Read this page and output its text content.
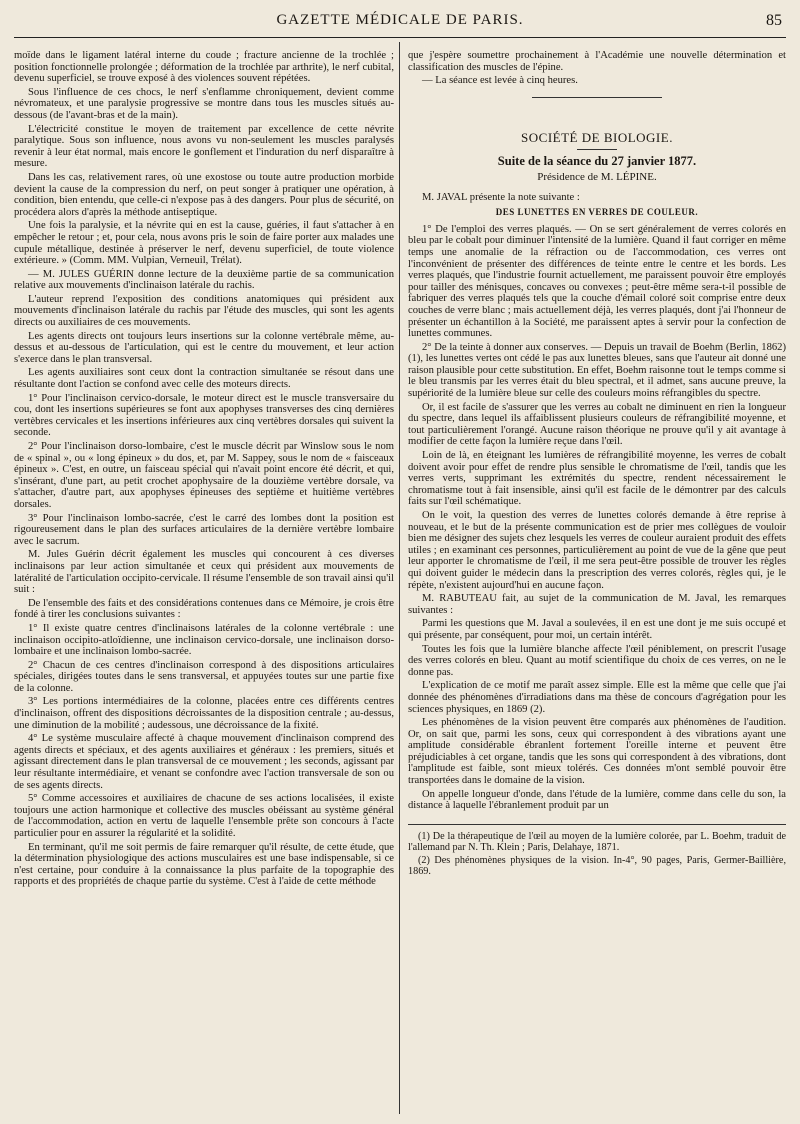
GAZETTE MÉDICALE DE PARIS.	85

moïde dans le ligament latéral interne du coude ; fracture ancienne de la trochlée ; position fonctionnelle prolongée ; déformation de la trochlée par arthrite), le nerf cubital, devenu superficiel, se trouve exposé à des violences souvent répétées.

Sous l'influence de ces chocs, le nerf s'enflamme chroniquement, devient comme névromateux, et une paralysie progressive se montre dans tous les muscles situés au-dessous (de l'avant-bras et de la main).

L'électricité constitue le moyen de traitement par excellence de cette névrite paralytique. Sous son influence, nous avons vu non-seulement les muscles paralysés revenir à leur état normal, mais encore le gonflement et l'induration du nerf disparaître à mesure.

Dans les cas, relativement rares, où une exostose ou toute autre production morbide devient la cause de la compression du nerf, on peut songer à pratiquer une opération, à condition, bien entendu, que celle-ci n'expose pas à des dangers. Pour plus de sécurité, on procédera alors d'après la méthode antiseptique.

Une fois la paralysie, et la névrite qui en est la cause, guéries, il faut s'attacher à en empêcher le retour ; et, pour cela, nous avons pris le soin de faire porter aux malades une cupule métallique, destinée à préserver le nerf, devenu superficiel, de toute violence extérieure. » (Comm. MM. Vulpian, Verneuil, Trélat).

— M. JULES GUÉRIN donne lecture de la deuxième partie de sa communication relative aux mouvements d'inclinaison latérale du rachis.

L'auteur reprend l'exposition des conditions anatomiques qui président aux mouvements d'inclinaison latérale du rachis par l'étude des muscles, qui sont les agents directs ou auxiliaires de ces mouvements.

Les agents directs ont toujours leurs insertions sur la colonne vertébrale même, au-dessus et au-dessous de l'articulation, qui est le centre du mouvement, et leur action s'exerce dans le plan transversal.

Les agents auxiliaires sont ceux dont la contraction simultanée se résout dans une résultante dont l'action se confond avec celle des moteurs directs.

1° Pour l'inclinaison cervico-dorsale, le moteur direct est le muscle transversaire du cou, dont les insertions supérieures se font aux apophyses transverses des cinq dernières vertèbres cervicales et les insertions inférieures aux cinq vertèbres dorsales qui suivent la seconde.

2° Pour l'inclinaison dorso-lombaire, c'est le muscle décrit par Winslow sous le nom de « spinal », ou « long épineux » du dos, et, par M. Sappey, sous le nom de « faisceaux épineux ». C'est, en outre, un faisceau spécial qui n'avait point encore été décrit, et qui, s'insérant, d'une part, au petit crochet apophysaire de la douzième vertèbre dorsale, va s'attacher, d'autre part, aux apophyses épineuses des septième et huitième vertèbres dorsales.

3° Pour l'inclinaison lombo-sacrée, c'est le carré des lombes dont la position est rigoureusement dans le plan des surfaces articulaires de la dernière vertèbre lombaire avec le sacrum.

M. Jules Guérin décrit également les muscles qui concourent à ces diverses inclinaisons par leur action simultanée et ceux qui président aux mouvements de latéralité de l'articulation occipito-cervicale. Il résume l'ensemble de son travail ainsi qu'il suit :

De l'ensemble des faits et des considérations contenues dans ce Mémoire, je crois être fondé à tirer les conclusions suivantes :

1° Il existe quatre centres d'inclinaisons latérales de la colonne vertébrale : une inclinaison occipito-atloïdienne, une inclinaison cervico-dorsale, une inclinaison dorso-lombaire et une inclinaison lombo-sacrée.

2° Chacun de ces centres d'inclinaison correspond à des dispositions articulaires spéciales, dirigées toutes dans le sens transversal, et appuyées toutes sur une partie fixe de la colonne.

3° Les portions intermédiaires de la colonne, placées entre ces différents centres d'inclinaison, offrent des dispositions décroissantes de la disposition centrale ; au-dessus, une diminution de la mobilité ; audessous, une décroissance de la fixité.

4° Le système musculaire affecté à chaque mouvement d'inclinaison comprend des agents directs et spéciaux, et des agents auxiliaires et généraux : les premiers, situés et agissant directement dans le plan transversal de ce mouvement ; les seconds, agissant par leur résultante intermédiaire, et venant se confondre avec l'action transversale de son ou de ses agents directs.

5° Comme accessoires et auxiliaires de chacune de ses actions localisées, il existe toujours une action harmonique et collective des muscles obéissant au système général de l'accommodation, action en vertu de laquelle l'ensemble prête son concours à l'acte particulier pour en assurer la régularité et la solidité.

En terminant, qu'il me soit permis de faire remarquer qu'il résulte, de cette étude, que la détermination physiologique des actions musculaires est une base indispensable, si ce n'est certaine, pour conduire à la connaissance la plus parfaite de la topographie des rapports et des propriétés de chaque partie du système. C'est à l'aide de cette méthode

que j'espère soumettre prochainement à l'Académie une nouvelle détermination et classification des muscles de l'épine.

— La séance est levée à cinq heures.

SOCIÉTÉ DE BIOLOGIE.
Suite de la séance du 27 janvier 1877.
Présidence de M. LÉPINE.

M. JAVAL présente la note suivante :

DES LUNETTES EN VERRES DE COULEUR.

1° De l'emploi des verres plaqués. — On se sert généralement de verres colorés en bleu par le cobalt pour diminuer l'intensité de la lumière. Quand il faut corriger en même temps une anomalie de la réfraction ou de l'accommodation, ces verres ont l'inconvénient de présenter des différences de teinte entre le centre et les bords. Les verres plaqués, que l'industrie fournit actuellement, me paraissent pouvoir être employés pour tailler des ménisques, concaves ou convexes ; peut-être même sera-t-il possible de fabriquer des verres plaqués tels que la couche d'émail coloré soit comprise entre deux couches de verre blanc ; mais actuellement déjà, les verres plaqués, dont j'ai l'honneur de présenter un échantillon à la Société, me paraissent aptes à servir pour la confection de lunettes communes.

2° De la teinte à donner aux conserves. — Depuis un travail de Boehm (Berlin, 1862) (1), les lunettes vertes ont cédé le pas aux lunettes bleues, sans que l'auteur ait donné une raison plausible pour cette substitution. En effet, Boehm raisonne tout le temps comme si le bleu transmis par les verres était du bleu spectral, et il admet, sans aucune preuve, la supériorité de la lumière bleue sur celle des couleurs moins réfrangibles du spectre.

Or, il est facile de s'assurer que les verres au cobalt ne diminuent en rien la longueur du spectre, dans lequel ils affaiblissent plusieurs couleurs de réfrangibilité moyenne, et tout particulièrement l'orangé. Aucune raison théorique ne prouve qu'il y ait avantage à modifier de cette façon la lumière reçue dans l'œil.

Loin de là, en éteignant les lumières de réfrangibilité moyenne, les verres de cobalt doivent avoir pour effet de rendre plus sensible le chromatisme de l'œil, tandis que les verres verts, supprimant les extrémités du spectre, rendent nécessairement le chromatisme tout à fait insensible, ainsi qu'il est facile de le démontrer par des calculs faits sur l'œil schématique.

On le voit, la question des verres de lunettes colorés demande à être reprise à nouveau, et le but de la présente communication est de prier mes collègues de vouloir bien me désigner des sujets chez lesquels les verres de couleur auraient produit des effets utiles ; en examinant ces personnes, particulièrement au point de vue de la gêne que peut leur apporter le chromatisme de l'œil, il me sera peut-être possible de trouver les règles qui doivent guider le médecin dans la prescription des verres colorés, règles qui, je le répète, n'existent aujourd'hui en aucune façon.

M. RABUTEAU fait, au sujet de la communication de M. Javal, les remarques suivantes :

Parmi les questions que M. Javal a soulevées, il en est une dont je me suis occupé et qui présente, par conséquent, pour moi, un certain intérêt.

Toutes les fois que la lumière blanche affecte l'œil péniblement, on prescrit l'usage des verres colorés en bleu. Quant au motif scientifique du choix de ces verres, on ne le donne pas.

L'explication de ce motif me paraît assez simple. Elle est la même que celle que j'ai donnée des phénomènes d'irradiations dans ma thèse de concours d'agrégation pour les sciences physiques, en 1869 (2).

Les phénomènes de la vision peuvent être comparés aux phénomènes de l'audition. Or, on sait que, parmi les sons, ceux qui correspondent à des vibrations ayant une amplitude considérable ébranlent fortement l'oreille interne et peuvent être préjudiciables à cet organe, tandis que les sons qui correspondent à des vibrations, dont l'amplitude est faible, sont mieux tolérés. Ces données m'ont semblé pouvoir être transportées dans le domaine de la vision.

On appelle longueur d'onde, dans l'étude de la lumière, comme dans celle du son, la distance à laquelle l'ébranlement produit par un

(1) De la thérapeutique de l'œil au moyen de la lumière colorée, par L. Boehm, traduit de l'allemand par N. Th. Klein ; Paris, Delahaye, 1871.

(2) Des phénomènes physiques de la vision. In-4°, 90 pages, Paris, Germer-Baillière, 1869.
